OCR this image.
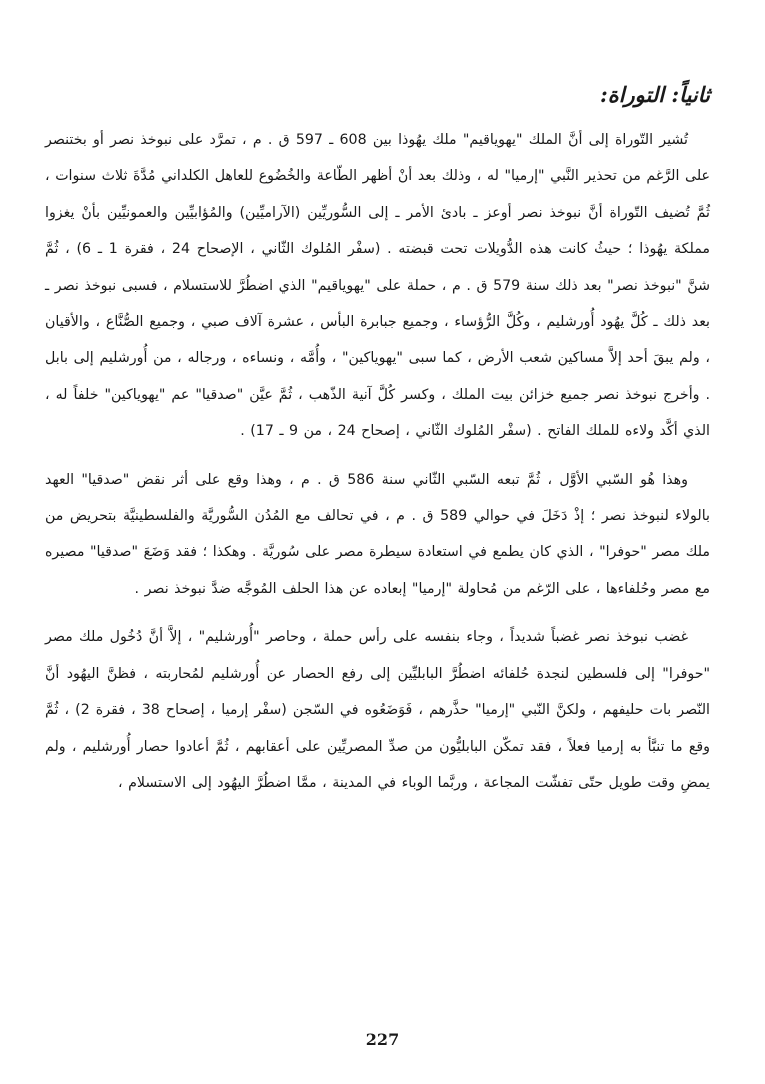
ثانياً: التوراة:

تُشير التّوراة إلى أنَّ الملك "يهوياقيم" ملك يهُوذا بين 608 ـ 597 ق . م ، تمرَّد على نبوخذ نصر أو بختنصر على الرَّغم من تحذير النَّبي "إرميا" له ، وذلك بعد أنْ أظهر الطّاعة والخُضُوع للعاهل الكلداني مُدَّةَ ثلاث سنوات ، ثُمَّ تُضيف التّوراة أنَّ نبوخذ نصر أوعز ـ بادئ الأمر ـ إلى السُّوريِّين (الآراميِّين) والمُؤابيِّين والعمونيِّين بأنْ يغزوا مملكة يهُوذا ؛ حيثُ كانت هذه الدُّويلات تحت قبضته . (سفْر المُلوك الثّاني ، الإصحاح 24 ، فقرة 1 ـ 6) ، ثُمَّ شنَّ "نبوخذ نصر" بعد ذلك سنة 579 ق . م ، حملة على "يهوياقيم" الذي اضطُرَّ للاستسلام ، فسبى نبوخذ نصر ـ بعد ذلك ـ كُلَّ يهُود أُورشليم ، وكُلَّ الرُّؤساء ، وجميع جبابرة البأس ، عشرة آلاف صبي ، وجميع الصُّنَّاع ، والأقيان ، ولم يبقَ أحد إلاَّ مساكين شعب الأرض ، كما سبى "يهوياكين" ، وأُمَّه ، ونساءه ، ورجاله ، من أُورشليم إلى بابل . وأخرج نبوخذ نصر جميع خزائن بيت الملك ، وكسر كُلَّ آنية الذّهب ، ثُمَّ عيَّن "صدقيا" عم "يهوياكين" خلفاً له ، الذي أكَّد ولاءه للملك الفاتح . (سفْر المُلوك الثّاني ، إصحاح 24 ، من 9 ـ 17) .

وهذا هُو السّبي الأوَّل ، ثُمَّ تبعه السّبي الثّاني سنة 586 ق . م ، وهذا وقع على أثر نقض "صدقيا" العهد بالولاء لنبوخذ نصر ؛ إذْ دَخَلَ في حوالي 589 ق . م ، في تحالف مع المُدُن السُّوريَّة والفلسطينيَّة بتحريض من ملك مصر "حوفرا" ، الذي كان يطمع في استعادة سيطرة مصر على سُوريَّة . وهكذا ؛ فقد وَضَعَ "صدقيا" مصيره مع مصر وحُلفاءها ، على الرّغم من مُحاولة "إرميا" إبعاده عن هذا الحلف المُوجَّه ضدَّ نبوخذ نصر .

غضب نبوخذ نصر غضباً شديداً ، وجاء بنفسه على رأس حملة ، وحاصر "أُورشليم" ، إلاَّ أنَّ دُخُول ملك مصر "حوفرا" إلى فلسطين لنجدة حُلفائه اضطُرَّ البابليِّين إلى رفع الحصار عن أُورشليم لمُحاربته ، فظنَّ اليهُود أنَّ النّصر بات حليفهم ، ولكنَّ النّبي "إرميا" حذَّرهم ، فَوَضَعُوه في السّجن (سفْر إرميا ، إصحاح 38 ، فقرة 2) ، ثُمَّ وقع ما تنبَّأ به إرميا فعلاً ، فقد تمكّن البابليُّون من صدِّ المصريِّين على أعقابهم ، ثُمَّ أعادوا حصار أُورشليم ، ولم يمضِ وقت طويل حتّى تفشّت المجاعة ، وربَّما الوباء في المدينة ، ممَّا اضطُرَّ اليهُود إلى الاستسلام ،

227
